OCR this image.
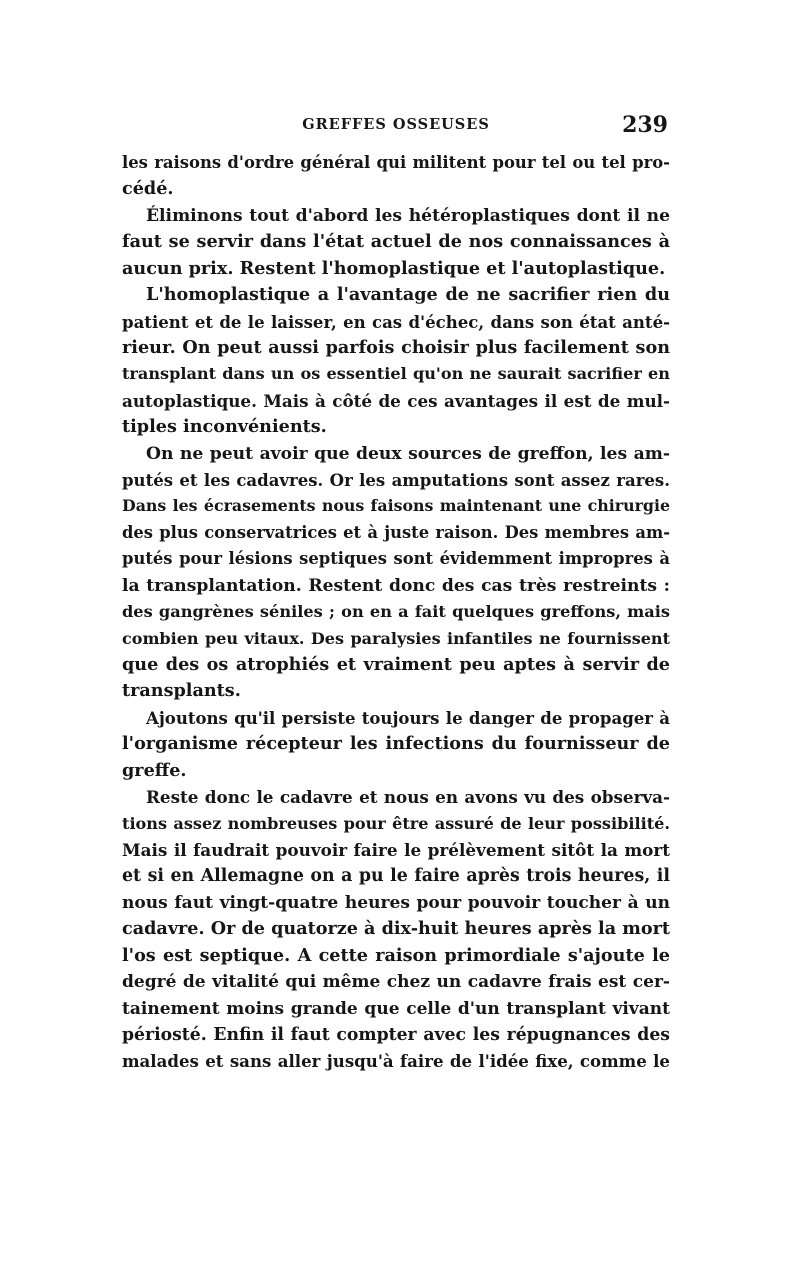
GREFFES OSSEUSES	239
les raisons d'ordre général qui militent pour tel ou tel pro-
cédé.
Éliminons tout d'abord les hétéroplastiques dont il ne
faut se servir dans l'état actuel de nos connaissances à
aucun prix. Restent l'homoplastique et l'autoplastique.
L'homoplastique a l'avantage de ne sacrifier rien du
patient et de le laisser, en cas d'échec, dans son état anté-
rieur. On peut aussi parfois choisir plus facilement son
transplant dans un os essentiel qu'on ne saurait sacrifier en
autoplastique. Mais à côté de ces avantages il est de mul-
tiples inconvénients.
On ne peut avoir que deux sources de greffon, les am-
putés et les cadavres. Or les amputations sont assez rares.
Dans les écrasements nous faisons maintenant une chirurgie
des plus conservatrices et à juste raison. Des membres am-
putés pour lésions septiques sont évidemment impropres à
la transplantation. Restent donc des cas très restreints :
des gangrènes séniles ; on en a fait quelques greffons, mais
combien peu vitaux. Des paralysies infantiles ne fournissent
que des os atrophiés et vraiment peu aptes à servir de
transplants.
Ajoutons qu'il persiste toujours le danger de propager à
l'organisme récepteur les infections du fournisseur de
greffe.
Reste donc le cadavre et nous en avons vu des observa-
tions assez nombreuses pour être assuré de leur possibilité.
Mais il faudrait pouvoir faire le prélèvement sitôt la mort
et si en Allemagne on a pu le faire après trois heures, il
nous faut vingt-quatre heures pour pouvoir toucher à un
cadavre. Or de quatorze à dix-huit heures après la mort
l'os est septique. A cette raison primordiale s'ajoute le
degré de vitalité qui même chez un cadavre frais est cer-
tainement moins grande que celle d'un transplant vivant
périosté. Enfin il faut compter avec les répugnances des
malades et sans aller jusqu'à faire de l'idée fixe, comme le
